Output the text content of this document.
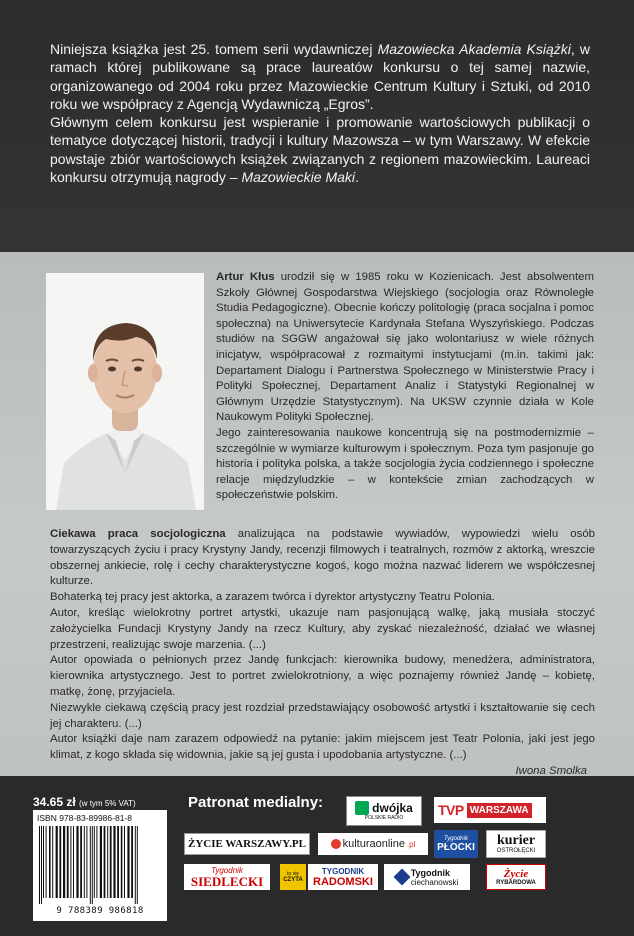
Niniejsza książka jest 25. tomem serii wydawniczej Mazowiecka Akademia Książki, w ramach której publikowane są prace laureatów konkursu o tej samej nazwie, organizowanego od 2004 roku przez Mazowieckie Centrum Kultury i Sztuki, od 2010 roku we współpracy z Agencją Wydawniczą „Egros”.

Głównym celem konkursu jest wspieranie i promowanie wartościowych publikacji o tematyce dotyczącej historii, tradycji i kultury Mazowsza – w tym Warszawy. W efekcie powstaje zbiór wartościowych książek związanych z regionem mazowieckim. Laureaci konkursu otrzymują nagrody – Mazowieckie Maki.

Artur Kłus urodził się w 1985 roku w Kozienicach. Jest absolwentem Szkoły Głównej Gospodarstwa Wiejskiego (socjologia oraz Równoległe Studia Pedagogiczne). Obecnie kończy politologię (praca socjalna i pomoc społeczna) na Uniwersytecie Kardynała Stefana Wyszyńskiego. Podczas studiów na SGGW angażował się jako wolontariusz w wiele różnych inicjatyw, współpracował z rozmaitymi instytucjami (m.in. takimi jak: Departament Dialogu i Partnerstwa Społecznego w Ministerstwie Pracy i Polityki Społecznej, Departament Analiz i Statystyki Regionalnej w Głównym Urzędzie Statystycznym). Na UKSW czynnie działa w Kole Naukowym Polityki Społecznej.

Jego zainteresowania naukowe koncentrują się na postmodernizmie – szczególnie w wymiarze kulturowym i społecznym. Poza tym pasjonuje go historia i polityka polska, a także socjologia życia codziennego i społeczne relacje międzyludzkie – w kontekście zmian zachodzących w społeczeństwie polskim.

Ciekawa praca socjologiczna analizująca na podstawie wywiadów, wypowiedzi wielu osób towarzyszących życiu i pracy Krystyny Jandy, recenzji filmowych i teatralnych, rozmów z aktorką, wreszcie obszernej ankiecie, rolę i cechy charakterystyczne kogoś, kogo można nazwać liderem we współczesnej kulturze.

Bohaterką tej pracy jest aktorka, a zarazem twórca i dyrektor artystyczny Teatru Polonia.

Autor, kreśląc wielokrotny portret artystki, ukazuje nam pasjonującą walkę, jaką musiała stoczyć założycielka Fundacji Krystyny Jandy na rzecz Kultury, aby zyskać niezależność, działać we własnej przestrzeni, realizując swoje marzenia. (...)

Autor opowiada o pełnionych przez Jandę funkcjach: kierownika budowy, menedżera, administratora, kierownika artystycznego. Jest to portret zwielokrotniony, a więc poznajemy również Jandę – kobietę, matkę, żonę, przyjaciela.

Niezwykle ciekawą częścią pracy jest rozdział przedstawiający osobowość artystki i kształtowanie się cech jej charakteru. (...)

Autor książki daje nam zarazem odpowiedź na pytanie: jakim miejscem jest Teatr Polonia, jaki jest jego klimat, z kogo składa się widownia, jakie są jej gusta i upodobania artystyczne. (...)

Iwona Smolka

34.65 zł (w tym 5% VAT)
ISBN 978-83-89986-81-8
9 788389 986818
Patronat medialny:	dwójka
POLSKIE RADIO TVP WARSZAWA
ŻYCIE WARSZAWY.PL	kulturaonline .pl
Tygodnik
PŁOCKI kurier
OSTROŁĘCKI
Tygodnik
SIEDLECKI	to się
CZYTA
TYGODNIK
RADOMSKI
Tygodnik
ciechanowski
Życie
RYBARDOWA
